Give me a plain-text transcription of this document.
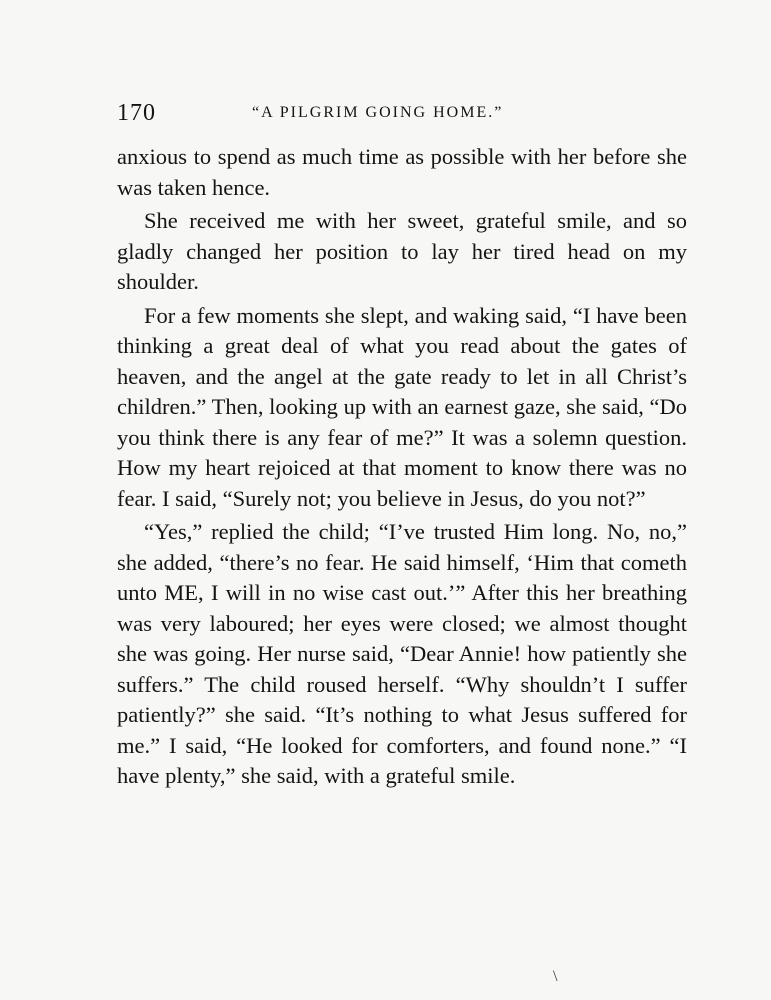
170	“A PILGRIM GOING HOME.”

anxious to spend as much time as possible with her before she was taken hence.

She received me with her sweet, grateful smile, and so gladly changed her position to lay her tired head on my shoulder.

For a few moments she slept, and waking said, “I have been thinking a great deal of what you read about the gates of heaven, and the angel at the gate ready to let in all Christ’s children.” Then, looking up with an earnest gaze, she said, “Do you think there is any fear of me?” It was a solemn question. How my heart rejoiced at that moment to know there was no fear. I said, “Surely not; you believe in Jesus, do you not?”

“Yes,” replied the child; “I’ve trusted Him long. No, no,” she added, “there’s no fear. He said himself, ‘Him that cometh unto ME, I will in no wise cast out.’” After this her breathing was very laboured; her eyes were closed; we almost thought she was going. Her nurse said, “Dear Annie! how patiently she suffers.” The child roused herself. “Why shouldn’t I suffer patiently?” she said. “It’s nothing to what Jesus suffered for me.” I said, “He looked for comforters, and found none.” “I have plenty,” she said, with a grateful smile.

\
